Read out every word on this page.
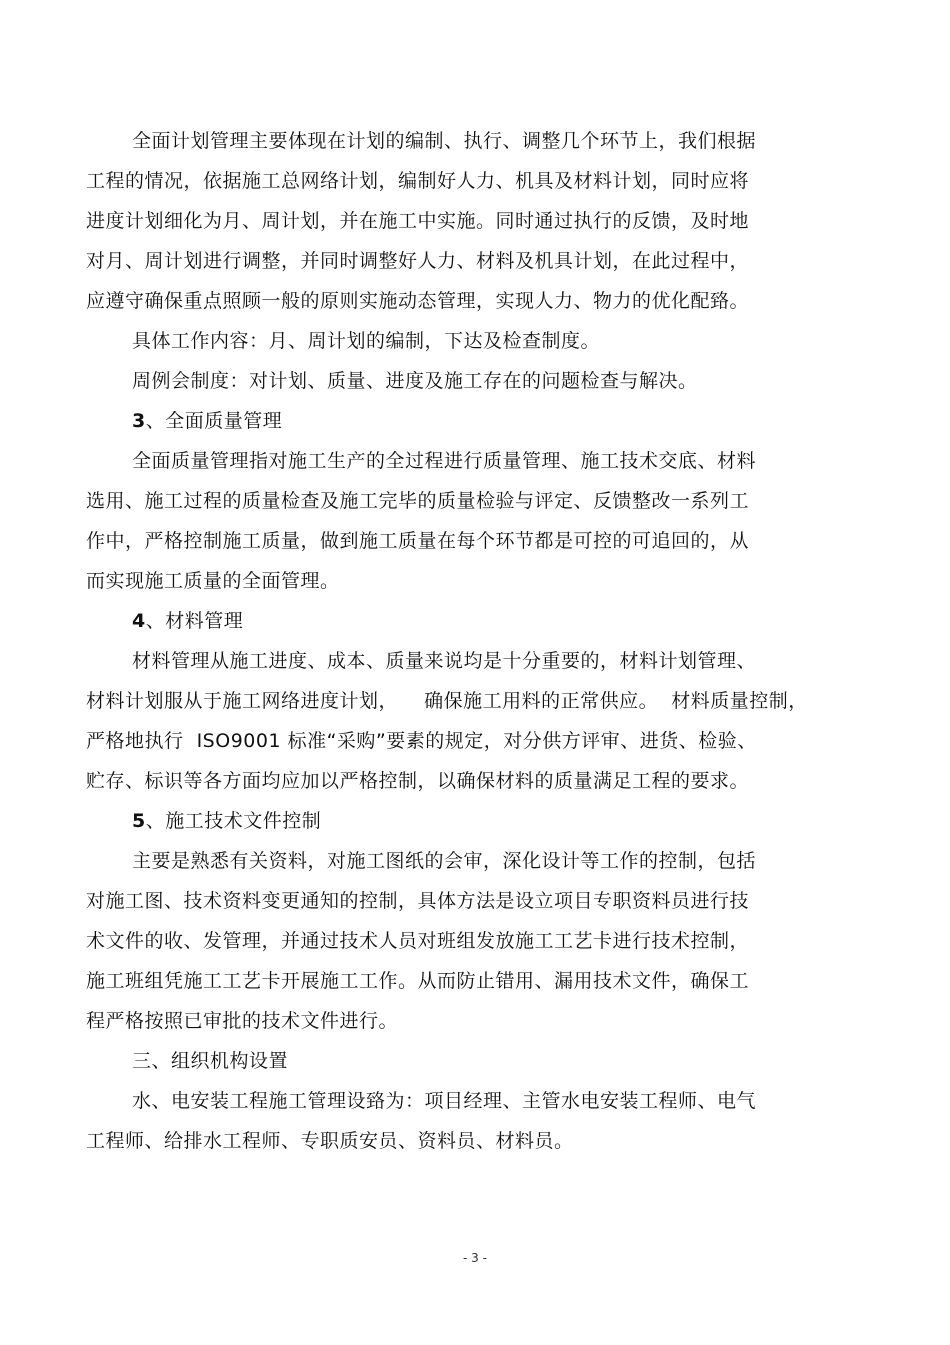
全面计划管理主要体现在计划的编制、执行、调整几个环节上，我们根据
工程的情况，依据施工总网络计划，编制好人力、机具及材料计划，同时应将
进度计划细化为月、周计划，并在施工中实施。同时通过执行的反馈，及时地
对月、周计划进行调整，并同时调整好人力、材料及机具计划，在此过程中，
应遵守确保重点照顾一般的原则实施动态管理，实现人力、物力的优化配臵。
具体工作内容：月、周计划的编制，下达及检查制度。
周例会制度：对计划、质量、进度及施工存在的问题检查与解决。
3、全面质量管理
全面质量管理指对施工生产的全过程进行质量管理、施工技术交底、材料
选用、施工过程的质量检查及施工完毕的质量检验与评定、反馈整改一系列工
作中，严格控制施工质量，做到施工质量在每个环节都是可控的可追回的，从
而实现施工质量的全面管理。
4、材料管理
材料管理从施工进度、成本、质量来说均是十分重要的，材料计划管理、
材料计划服从于施工网络进度计划，    确保施工用料的正常供应。  材料质量控制，
严格地执行  ISO9001 标准“采购”要素的规定，对分供方评审、进货、检验、
贮存、标识等各方面均应加以严格控制，以确保材料的质量满足工程的要求。
5、施工技术文件控制
主要是熟悉有关资料，对施工图纸的会审，深化设计等工作的控制，包括
对施工图、技术资料变更通知的控制，具体方法是设立项目专职资料员进行技
术文件的收、发管理，并通过技术人员对班组发放施工工艺卡进行技术控制，
施工班组凭施工工艺卡开展施工工作。从而防止错用、漏用技术文件，确保工
程严格按照已审批的技术文件进行。
三、组织机构设置
水、电安装工程施工管理设臵为：项目经理、主管水电安装工程师、电气
工程师、给排水工程师、专职质安员、资料员、材料员。
- 3 -
